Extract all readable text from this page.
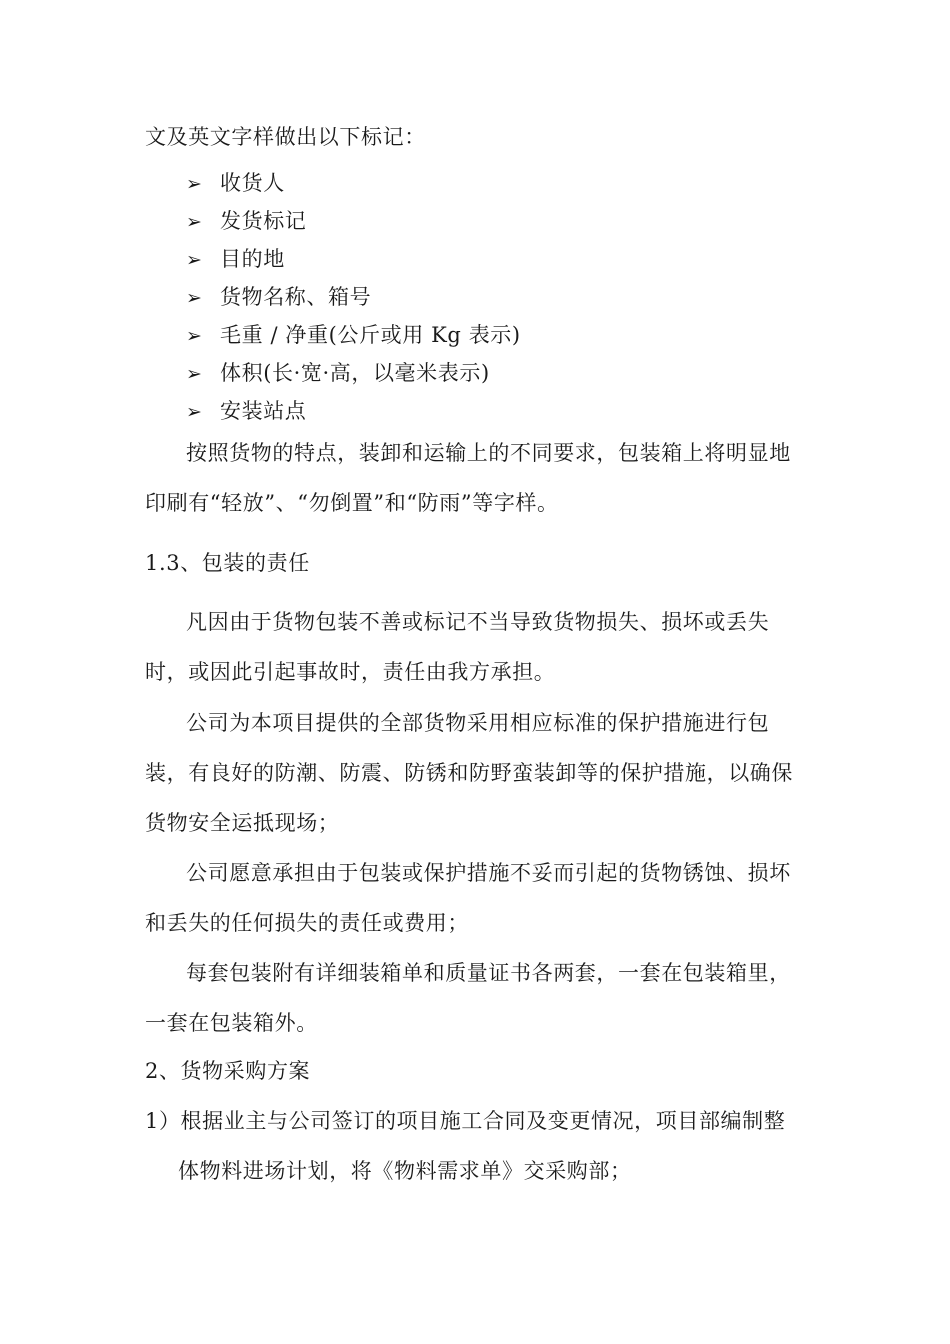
文及英文字样做出以下标记：
➢ 收货人
➢ 发货标记
➢ 目的地
➢ 货物名称、箱号
➢ 毛重 / 净重(公斤或用 Kg 表示)
➢ 体积(长·宽·高，以毫米表示)
➢ 安装站点
按照货物的特点，装卸和运输上的不同要求，包装箱上将明显地
印刷有“轻放”、“勿倒置”和“防雨”等字样。
1.3、包装的责任
凡因由于货物包装不善或标记不当导致货物损失、损坏或丢失
时，或因此引起事故时，责任由我方承担。
公司为本项目提供的全部货物采用相应标准的保护措施进行包
装，有良好的防潮、防震、防锈和防野蛮装卸等的保护措施，以确保
货物安全运抵现场；
公司愿意承担由于包装或保护措施不妥而引起的货物锈蚀、损坏
和丢失的任何损失的责任或费用；
每套包装附有详细装箱单和质量证书各两套，一套在包装箱里，
一套在包装箱外。
2、货物采购方案
1）根据业主与公司签订的项目施工合同及变更情况，项目部编制整
体物料进场计划，将《物料需求单》交采购部；
